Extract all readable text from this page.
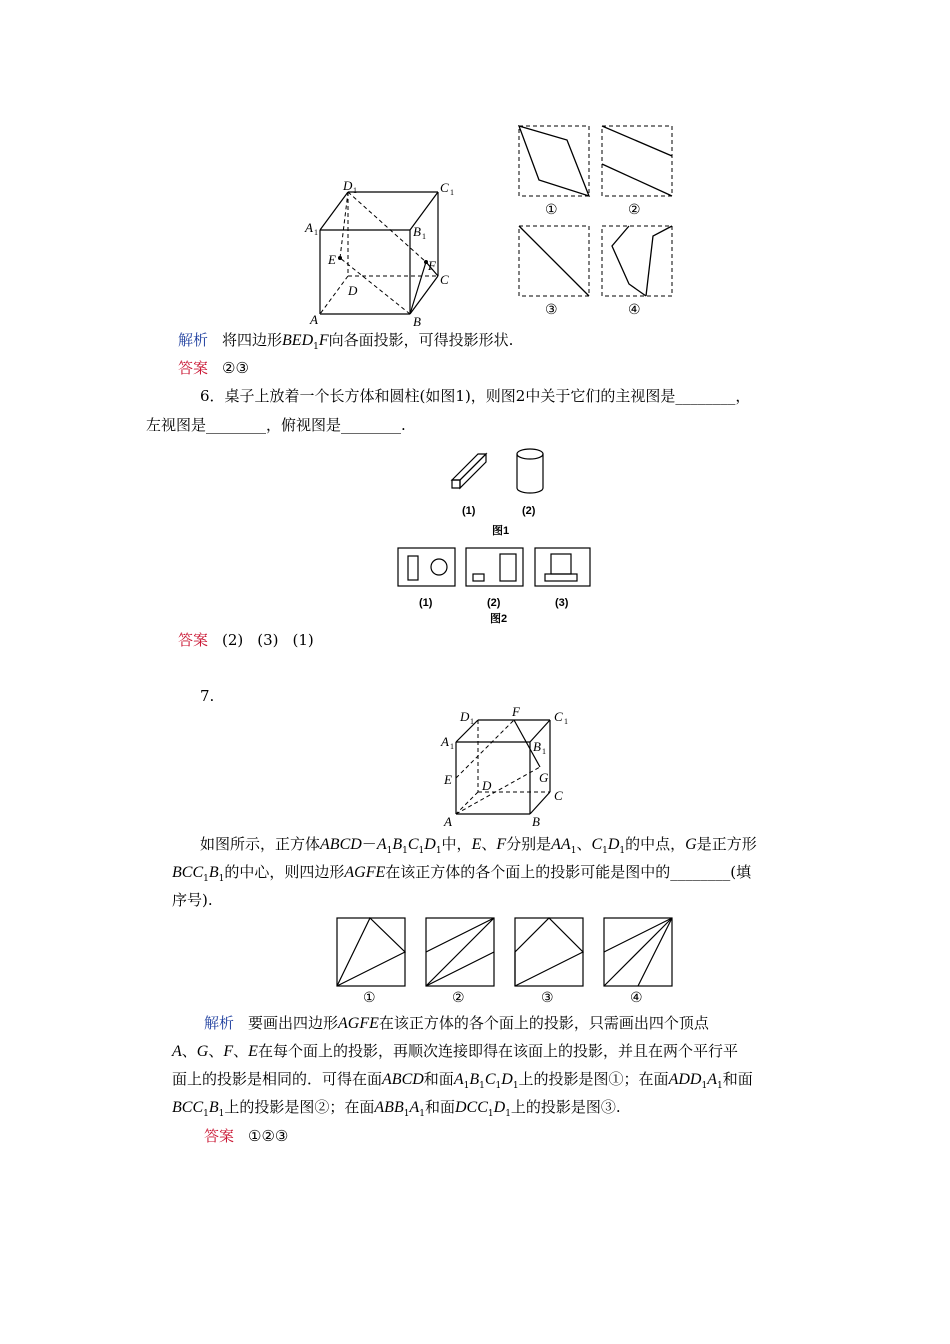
D 1	C 1
A 1	B 1
E	F
D
C
A	B
①	②
③	④
解析 将四边形$BED_1F$向各面投影，可得投影形状.
答案 ②③
6．桌子上放着一个长方体和圆柱(如图1)，则图2中关于它们的主视图是________，
左视图是________，俯视图是________.
(1)	(2)
图1
(1)	(2)	(3)
图2
答案 (2) (3) (1)
7.
D 1
F	C 1
A 1	B 1
G
E D
C
A	B
如图所示，正方体$ABCD-A_1B_1C_1D_1$中，E、F分别是$AA_1$、$C_1D_1$的中点，G是正方形
$BCC_1B_1$的中心，则四边形AGFE在该正方体的各个面上的投影可能是图中的________(填
序号).
①	②	③	④
解析 要画出四边形AGFE在该正方体的各个面上的投影，只需画出四个顶点
A、G、F、E在每个面上的投影，再顺次连接即得在该面上的投影，并且在两个平行平
面上的投影是相同的．可得在面ABCD和面$A_1B_1C_1D_1$上的投影是图①；在面$ADD_1A_1$和面
$BCC_1B_1$上的投影是图②；在面$ABB_1A_1$和面$DCC_1D_1$上的投影是图③.
答案 ①②③
